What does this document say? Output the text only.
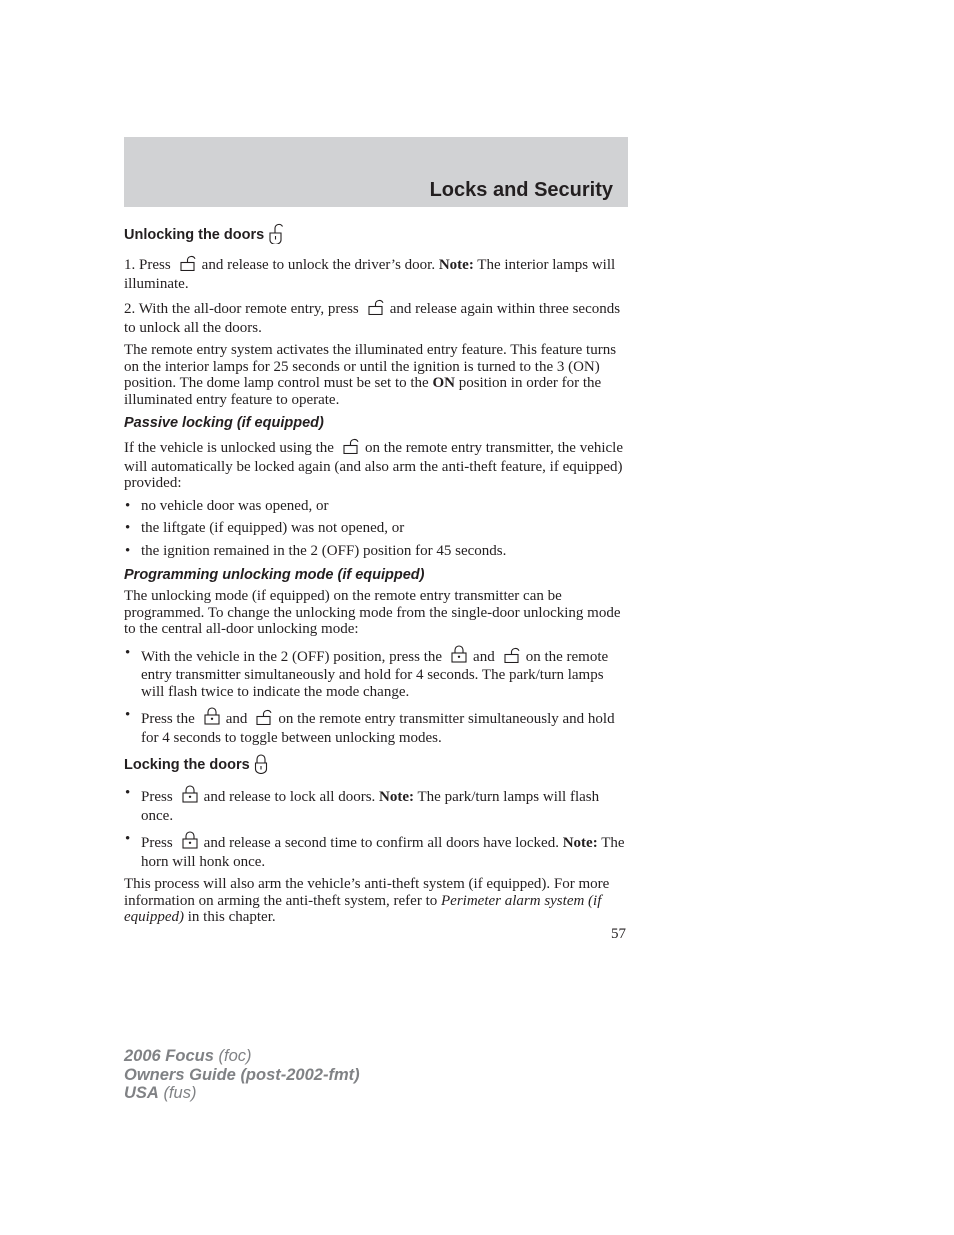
Locks and Security
Unlocking the doors

1. Press and release to unlock the driver’s door. Note: The interior lamps will illuminate.

2. With the all-door remote entry, press and release again within three seconds to unlock all the doors.

The remote entry system activates the illuminated entry feature. This feature turns on the interior lamps for 25 seconds or until the ignition is turned to the 3 (ON) position. The dome lamp control must be set to the ON position in order for the illuminated entry feature to operate.

Passive locking (if equipped)

If the vehicle is unlocked using the on the remote entry transmitter, the vehicle will automatically be locked again (and also arm the anti-theft feature, if equipped) provided:

• no vehicle door was opened, or
• the liftgate (if equipped) was not opened, or
• the ignition remained in the 2 (OFF) position for 45 seconds.
Programming unlocking mode (if equipped)

The unlocking mode (if equipped) on the remote entry transmitter can be programmed. To change the unlocking mode from the single-door unlocking mode to the central all-door unlocking mode:

• With the vehicle in the 2 (OFF) position, press the and on the remote entry transmitter simultaneously and hold for 4 seconds. The park/turn lamps will flash twice to indicate the mode change.
• Press the and on the remote entry transmitter simultaneously and hold for 4 seconds to toggle between unlocking modes.
Locking the doors
• Press and release to lock all doors. Note: The park/turn lamps will flash once.
• Press and release a second time to confirm all doors have locked. Note: The horn will honk once.

This process will also arm the vehicle’s anti-theft system (if equipped). For more information on arming the anti-theft system, refer to Perimeter alarm system (if equipped) in this chapter.

57
2006 Focus (foc)
Owners Guide (post-2002-fmt)
USA (fus)
